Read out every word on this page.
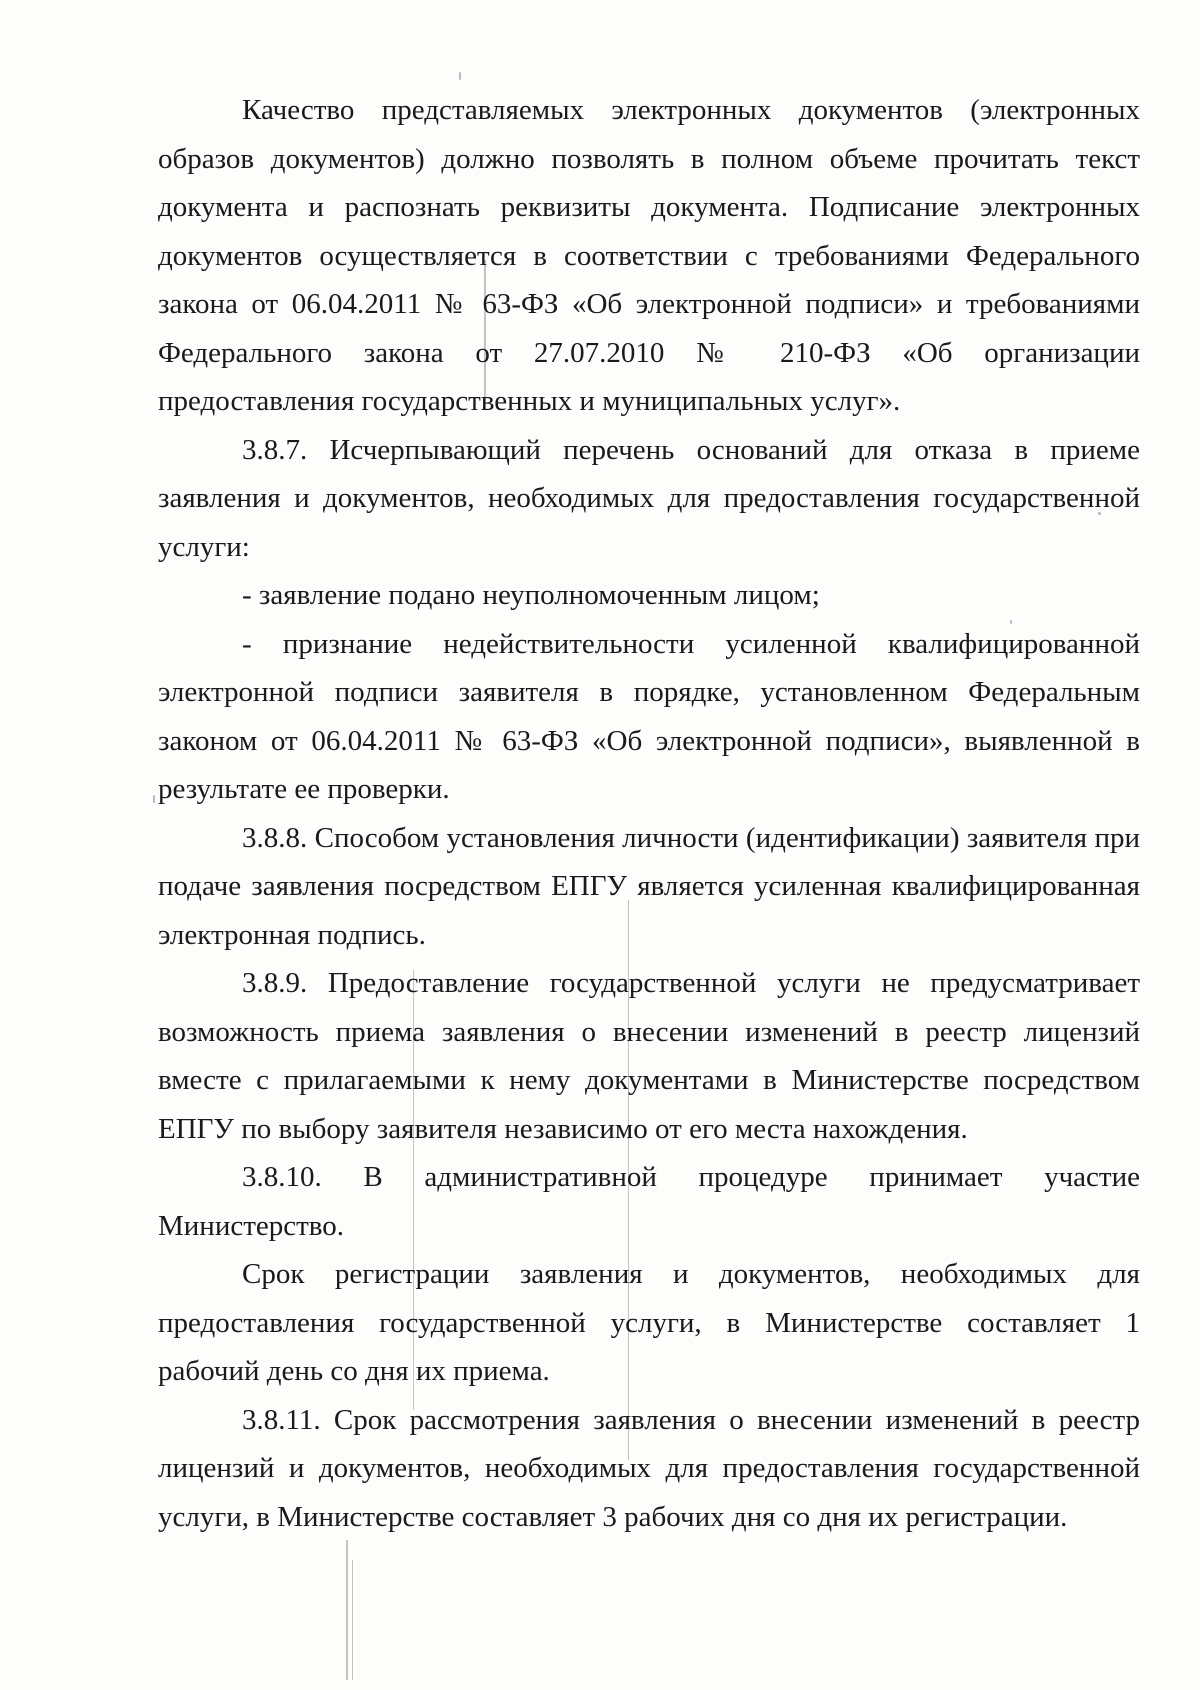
Качество представляемых электронных документов (электронных образов документов) должно позволять в полном объеме прочитать текст документа и распознать реквизиты документа. Подписание электронных документов осуществляется в соответствии с требованиями Федерального закона от 06.04.2011 № 63-ФЗ «Об электронной подписи» и требованиями Федерального закона от 27.07.2010 № 210-ФЗ «Об организации предоставления государственных и муниципальных услуг».

3.8.7. Исчерпывающий перечень оснований для отказа в приеме заявления и документов, необходимых для предоставления государственной услуги:

- заявление подано неуполномоченным лицом;

- признание недействительности усиленной квалифицированной электронной подписи заявителя в порядке, установленном Федеральным законом от 06.04.2011 № 63-ФЗ «Об электронной подписи», выявленной в результате ее проверки.

3.8.8. Способом установления личности (идентификации) заявителя при подаче заявления посредством ЕПГУ является усиленная квалифицированная электронная подпись.

3.8.9. Предоставление государственной услуги не предусматривает возможность приема заявления о внесении изменений в реестр лицензий вместе с прилагаемыми к нему документами в Министерстве посредством ЕПГУ по выбору заявителя независимо от его места нахождения.

3.8.10. В административной процедуре принимает участие Министерство.

Срок регистрации заявления и документов, необходимых для предоставления государственной услуги, в Министерстве составляет 1 рабочий день со дня их приема.

3.8.11. Срок рассмотрения заявления о внесении изменений в реестр лицензий и документов, необходимых для предоставления государственной услуги, в Министерстве составляет 3 рабочих дня со дня их регистрации.
